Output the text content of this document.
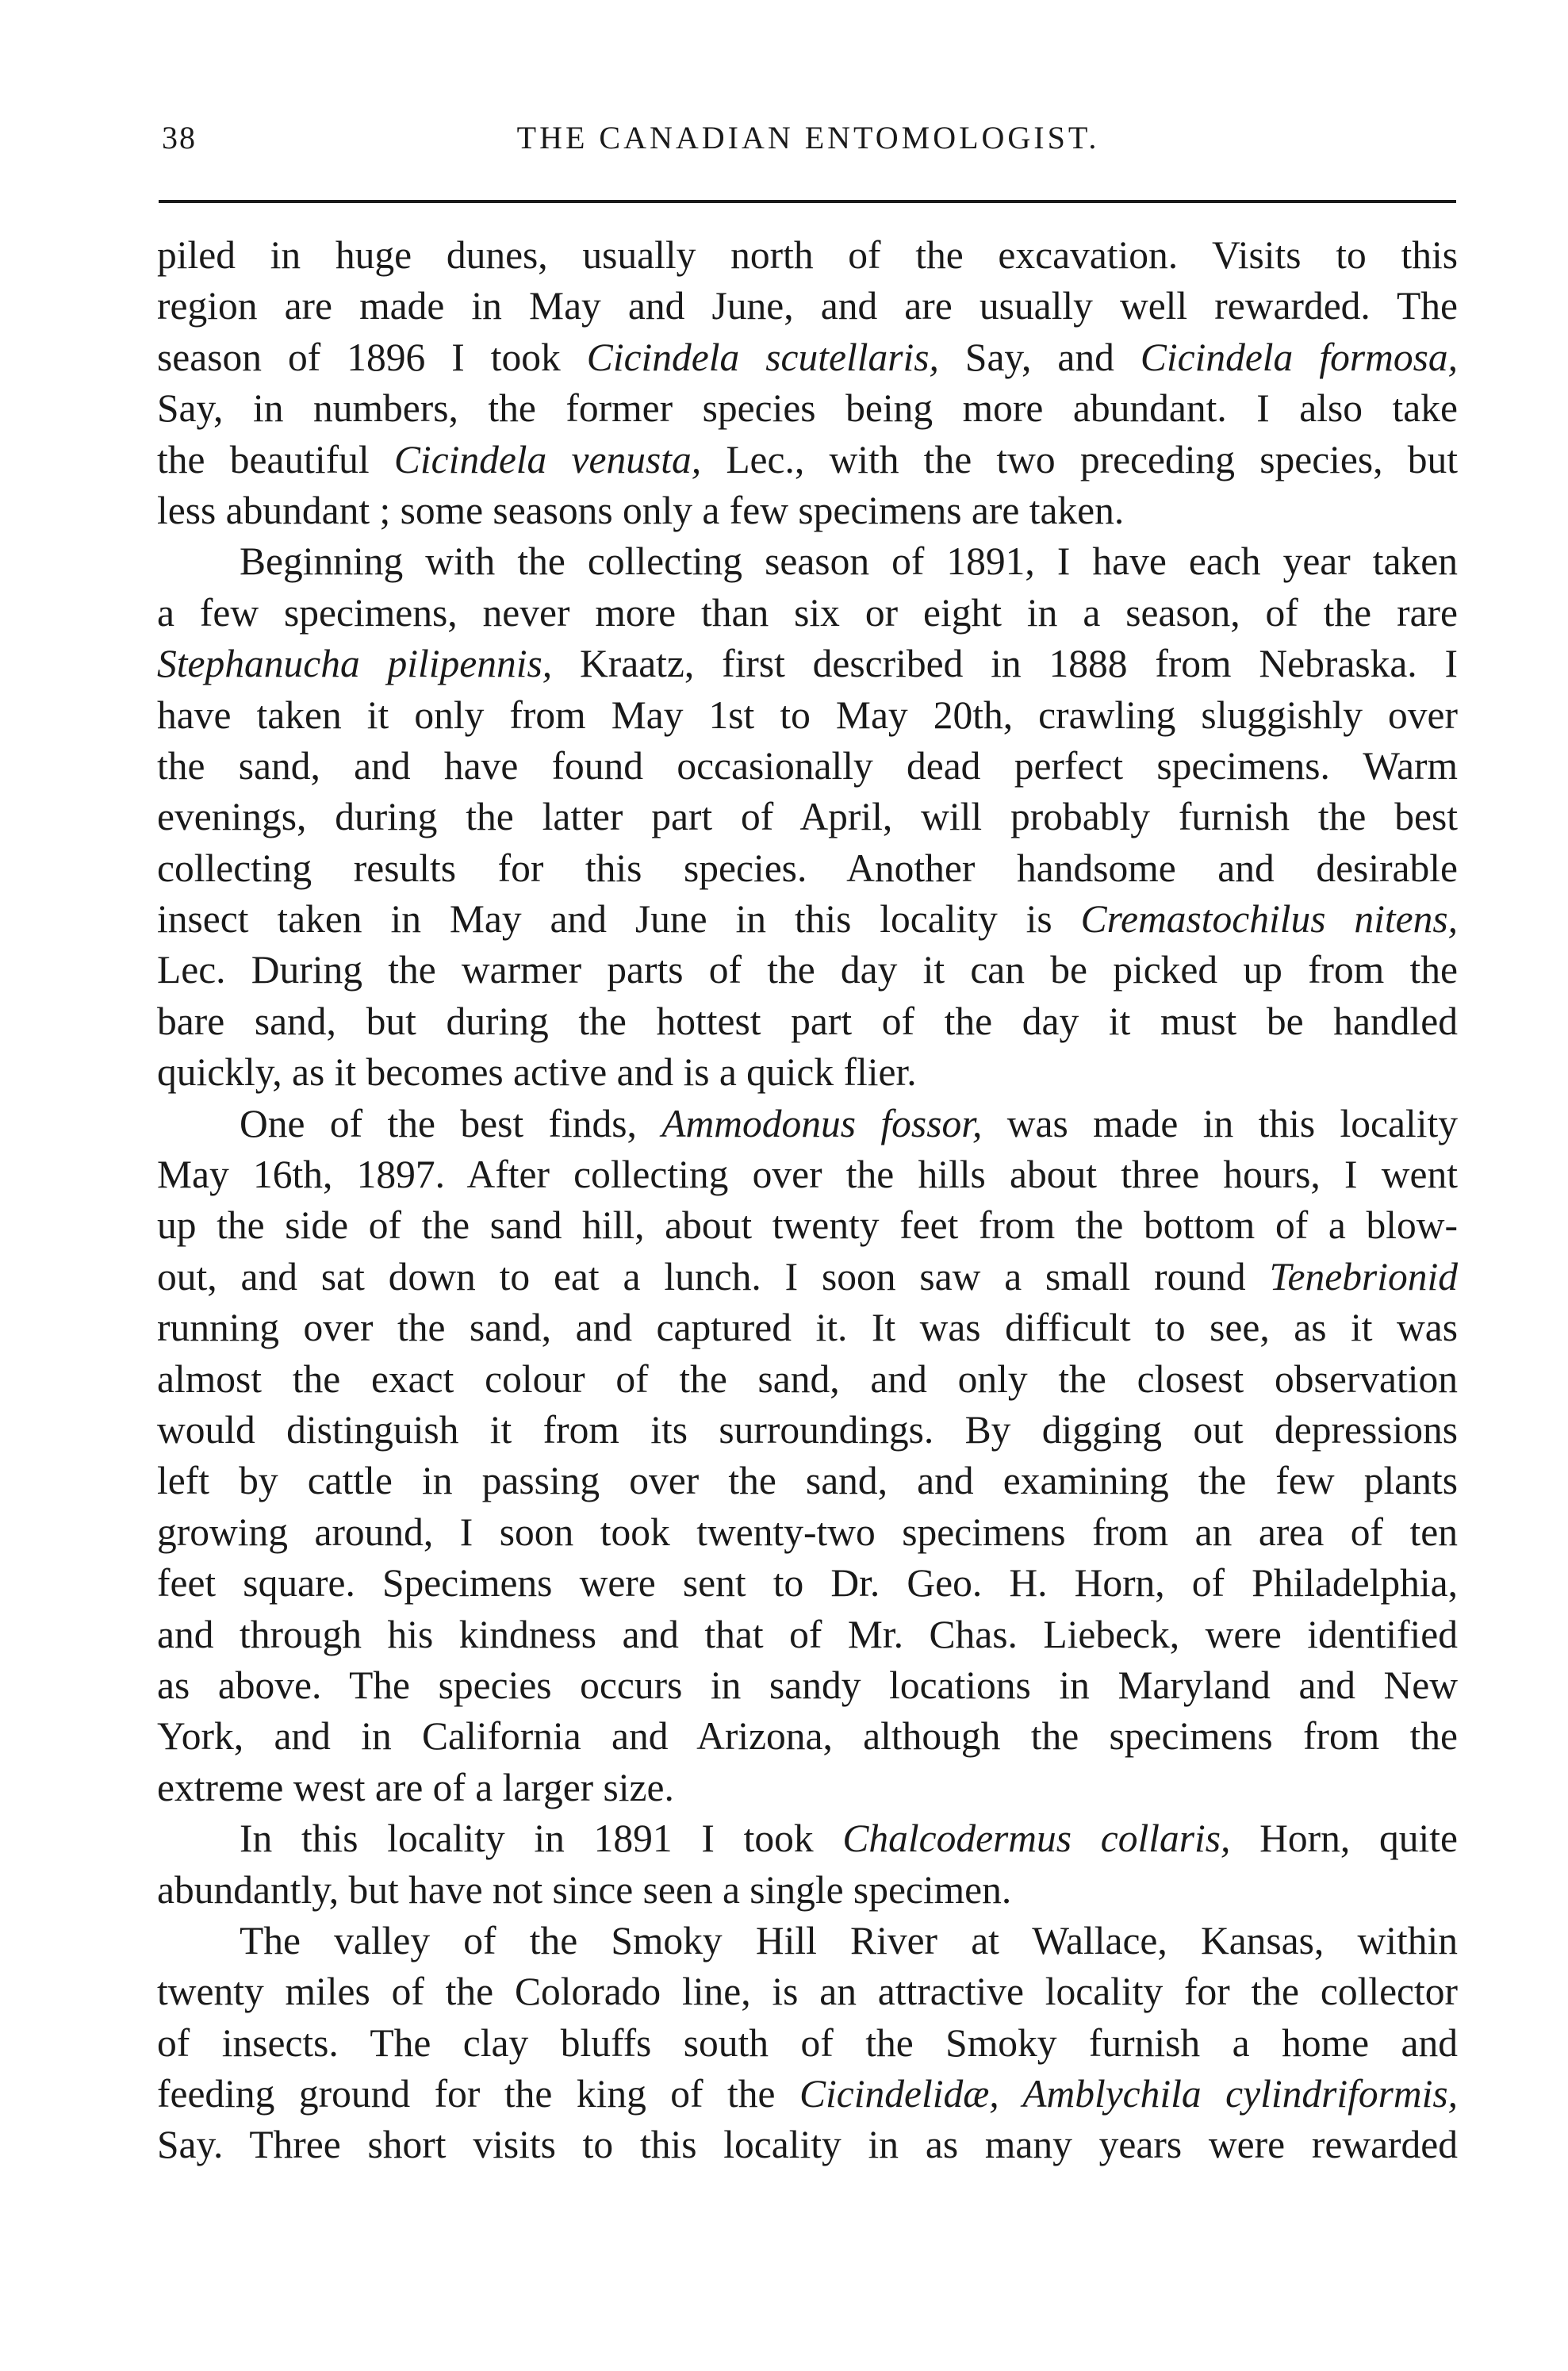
38	THE CANADIAN ENTOMOLOGIST.
piled in huge dunes, usually north of the excavation. Visits to this
region are made in May and June, and are usually well rewarded. The
season of 1896 I took Cicindela scutellaris, Say, and Cicindela formosa,
Say, in numbers, the former species being more abundant. I also take
the beautiful Cicindela venusta, Lec., with the two preceding species, but
less abundant ; some seasons only a few specimens are taken.
Beginning with the collecting season of 1891, I have each year taken
a few specimens, never more than six or eight in a season, of the rare
Stephanucha pilipennis, Kraatz, first described in 1888 from Nebraska. I
have taken it only from May 1st to May 20th, crawling sluggishly over
the sand, and have found occasionally dead perfect specimens. Warm
evenings, during the latter part of April, will probably furnish the best
collecting results for this species. Another handsome and desirable
insect taken in May and June in this locality is Cremastochilus nitens,
Lec. During the warmer parts of the day it can be picked up from the
bare sand, but during the hottest part of the day it must be handled
quickly, as it becomes active and is a quick flier.
One of the best finds, Ammodonus fossor, was made in this locality
May 16th, 1897. After collecting over the hills about three hours, I went
up the side of the sand hill, about twenty feet from the bottom of a blow-
out, and sat down to eat a lunch. I soon saw a small round Tenebrionid
running over the sand, and captured it. It was difficult to see, as it was
almost the exact colour of the sand, and only the closest observation
would distinguish it from its surroundings. By digging out depressions
left by cattle in passing over the sand, and examining the few plants
growing around, I soon took twenty-two specimens from an area of ten
feet square. Specimens were sent to Dr. Geo. H. Horn, of Philadelphia,
and through his kindness and that of Mr. Chas. Liebeck, were identified
as above. The species occurs in sandy locations in Maryland and New
York, and in California and Arizona, although the specimens from the
extreme west are of a larger size.
In this locality in 1891 I took Chalcodermus collaris, Horn, quite
abundantly, but have not since seen a single specimen.
The valley of the Smoky Hill River at Wallace, Kansas, within
twenty miles of the Colorado line, is an attractive locality for the collector
of insects. The clay bluffs south of the Smoky furnish a home and
feeding ground for the king of the Cicindelidæ, Amblychila cylindriformis,
Say. Three short visits to this locality in as many years were rewarded
